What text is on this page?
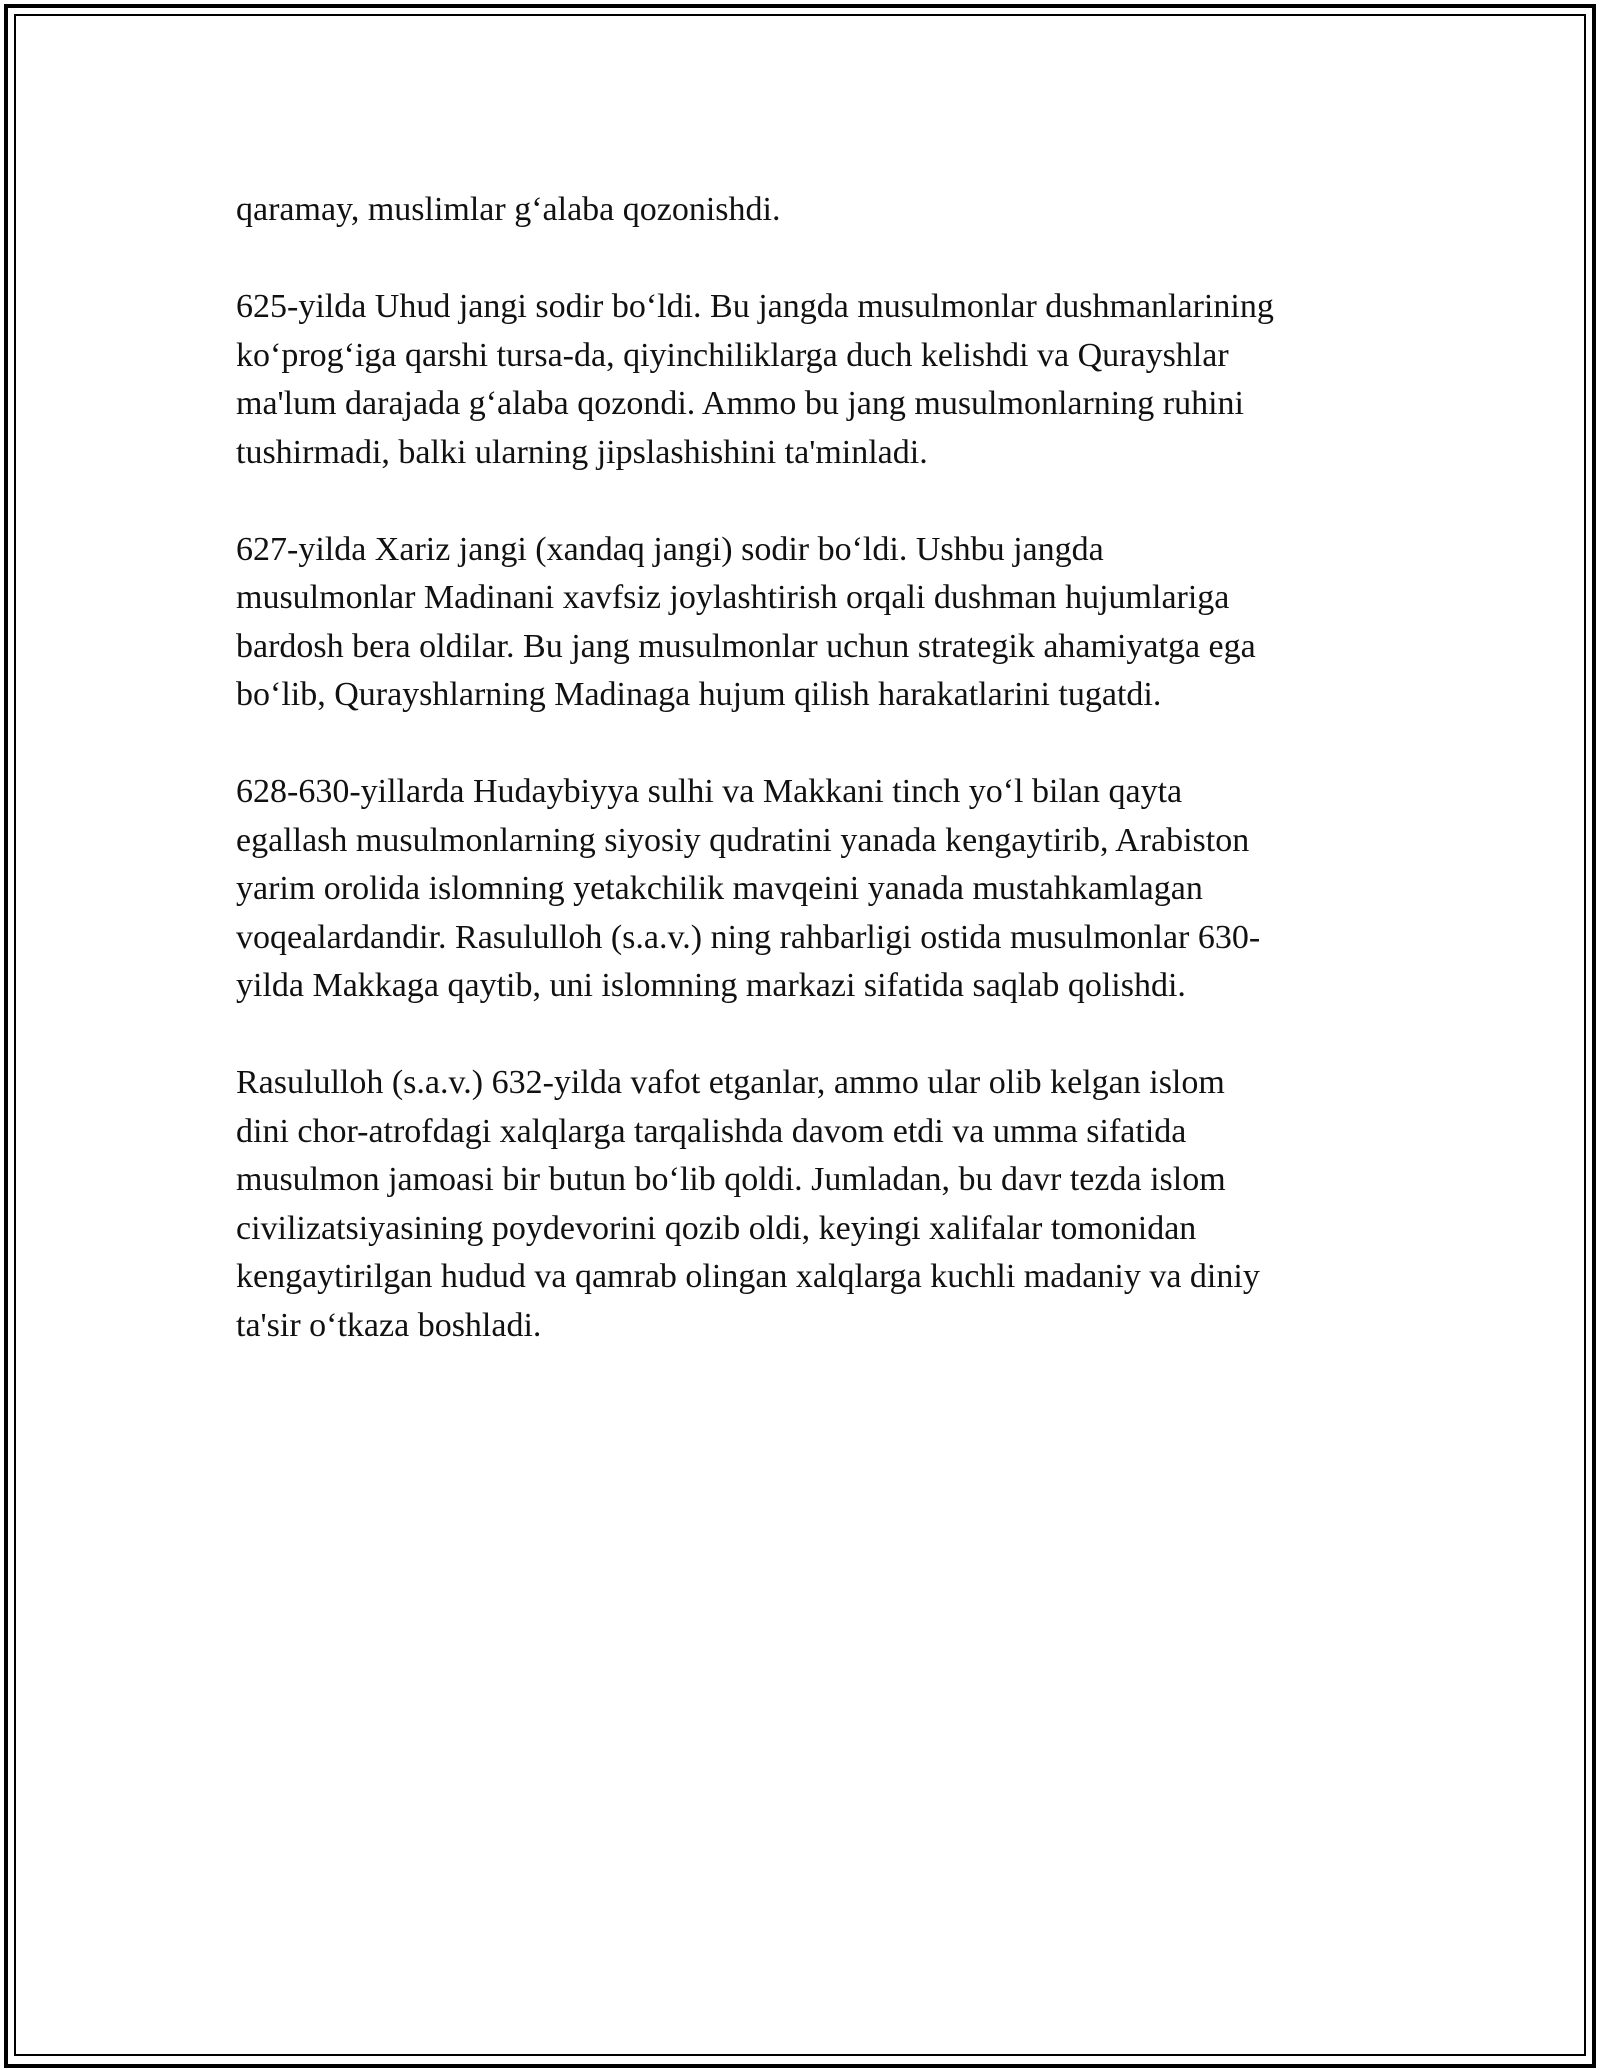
qaramay, muslimlar g‘alaba qozonishdi.

625-yilda Uhud jangi sodir bo‘ldi. Bu jangda musulmonlar dushmanlarining
ko‘prog‘iga qarshi tursa-da, qiyinchiliklarga duch kelishdi va Qurayshlar
ma'lum darajada g‘alaba qozondi. Ammo bu jang musulmonlarning ruhini
tushirmadi, balki ularning jipslashishini ta'minladi.

627-yilda Xariz jangi (xandaq jangi) sodir bo‘ldi. Ushbu jangda
musulmonlar Madinani xavfsiz joylashtirish orqali dushman hujumlariga
bardosh bera oldilar. Bu jang musulmonlar uchun strategik ahamiyatga ega
bo‘lib, Qurayshlarning Madinaga hujum qilish harakatlarini tugatdi.

628-630-yillarda Hudaybiyya sulhi va Makkani tinch yo‘l bilan qayta
egallash musulmonlarning siyosiy qudratini yanada kengaytirib, Arabiston
yarim orolida islomning yetakchilik mavqeini yanada mustahkamlagan
voqealardandir. Rasululloh (s.a.v.) ning rahbarligi ostida musulmonlar 630-
yilda Makkaga qaytib, uni islomning markazi sifatida saqlab qolishdi.

Rasululloh (s.a.v.) 632-yilda vafot etganlar, ammo ular olib kelgan islom
dini chor-atrofdagi xalqlarga tarqalishda davom etdi va umma sifatida
musulmon jamoasi bir butun bo‘lib qoldi. Jumladan, bu davr tezda islom
civilizatsiyasining poydevorini qozib oldi, keyingi xalifalar tomonidan
kengaytirilgan hudud va qamrab olingan xalqlarga kuchli madaniy va diniy
ta'sir o‘tkaza boshladi.
